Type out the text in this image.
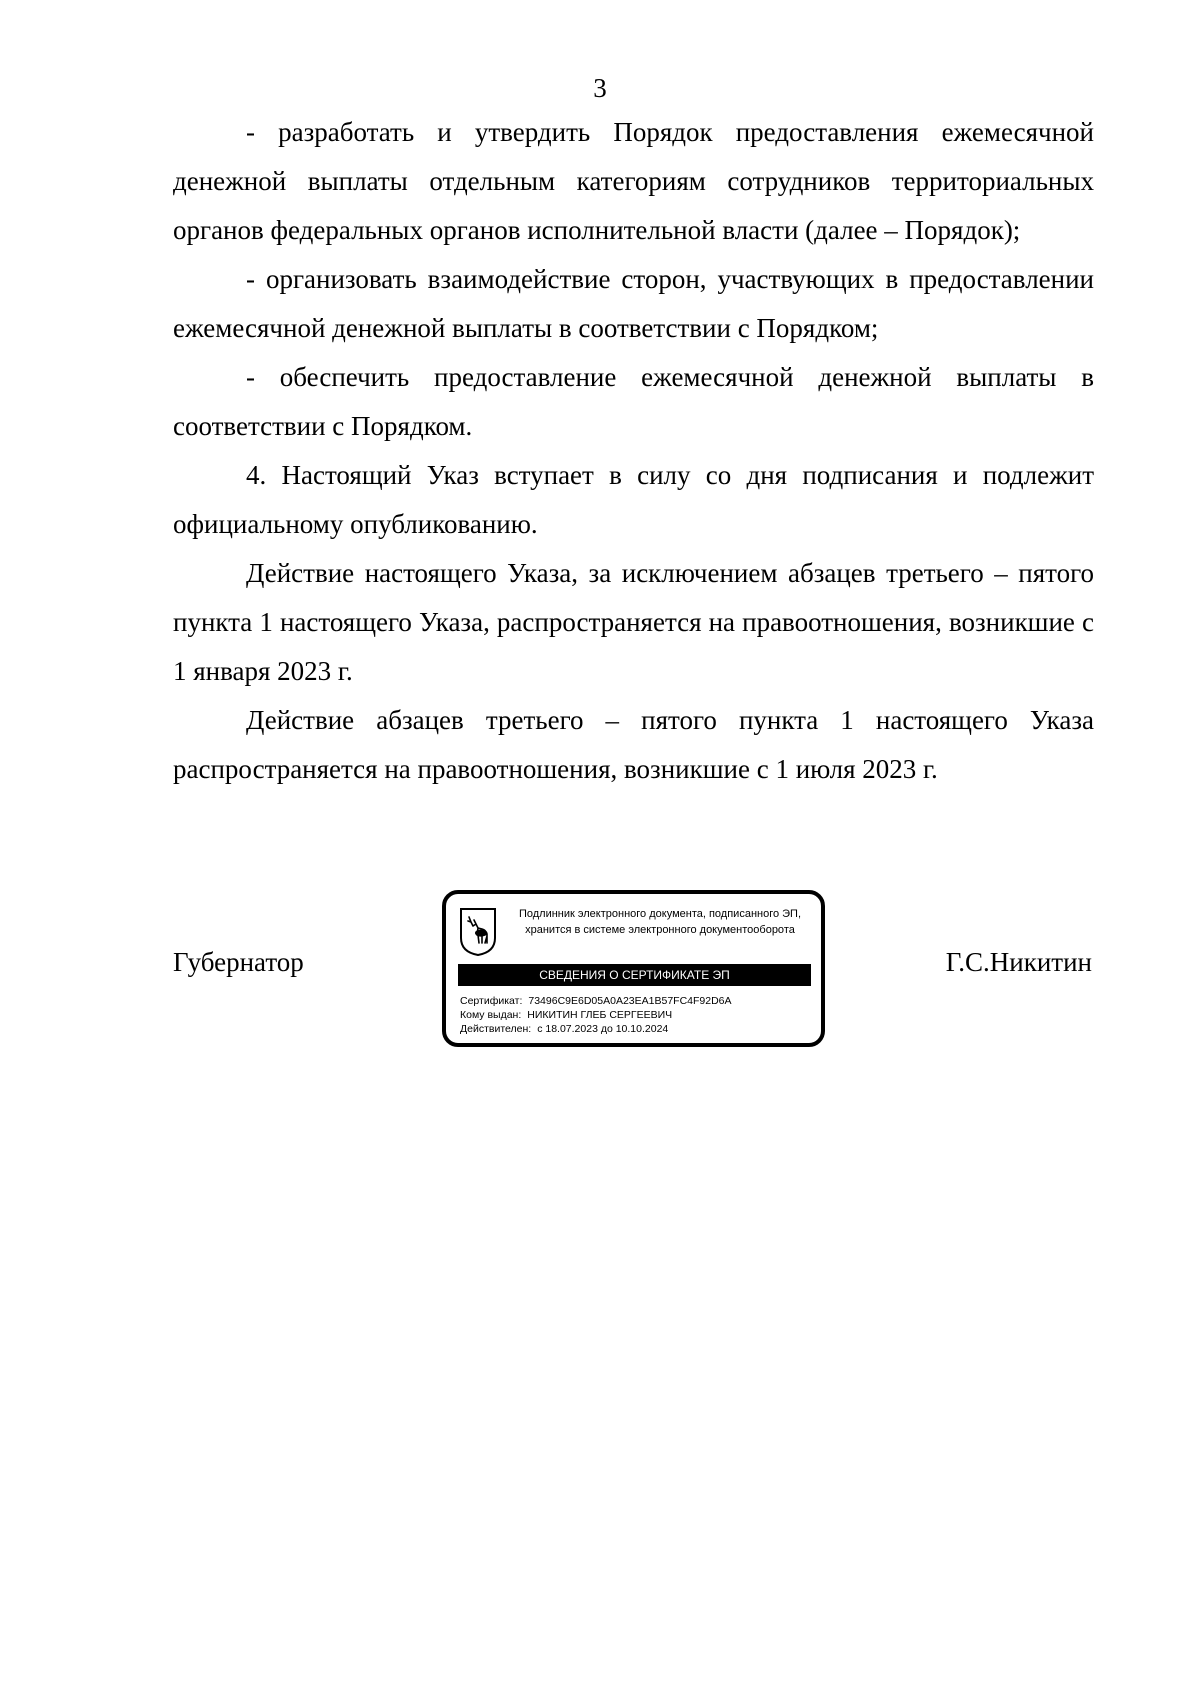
3

- разработать и утвердить Порядок предоставления ежемесячной денежной выплаты отдельным категориям сотрудников территориальных органов федеральных органов исполнительной власти (далее – Порядок);

- организовать взаимодействие сторон, участвующих в предоставлении ежемесячной денежной выплаты в соответствии с Порядком;

- обеспечить предоставление ежемесячной денежной выплаты в соответствии с Порядком.

4. Настоящий Указ вступает в силу со дня подписания и подлежит официальному опубликованию.

Действие настоящего Указа, за исключением абзацев третьего – пятого пункта 1 настоящего Указа, распространяется на правоотношения, возникшие с 1 января 2023 г.

Действие абзацев третьего – пятого пункта 1 настоящего Указа распространяется на правоотношения, возникшие с 1 июля 2023 г.

Губернатор	Г.С.Никитин
Подлинник электронного документа, подписанного ЭП,
хранится в системе электронного документооборота
СВЕДЕНИЯ О СЕРТИФИКАТЕ ЭП
Сертификат: 73496C9E6D05A0A23EA1B57FC4F92D6A
Кому выдан: НИКИТИН ГЛЕБ СЕРГЕЕВИЧ
Действителен: с 18.07.2023 до 10.10.2024
